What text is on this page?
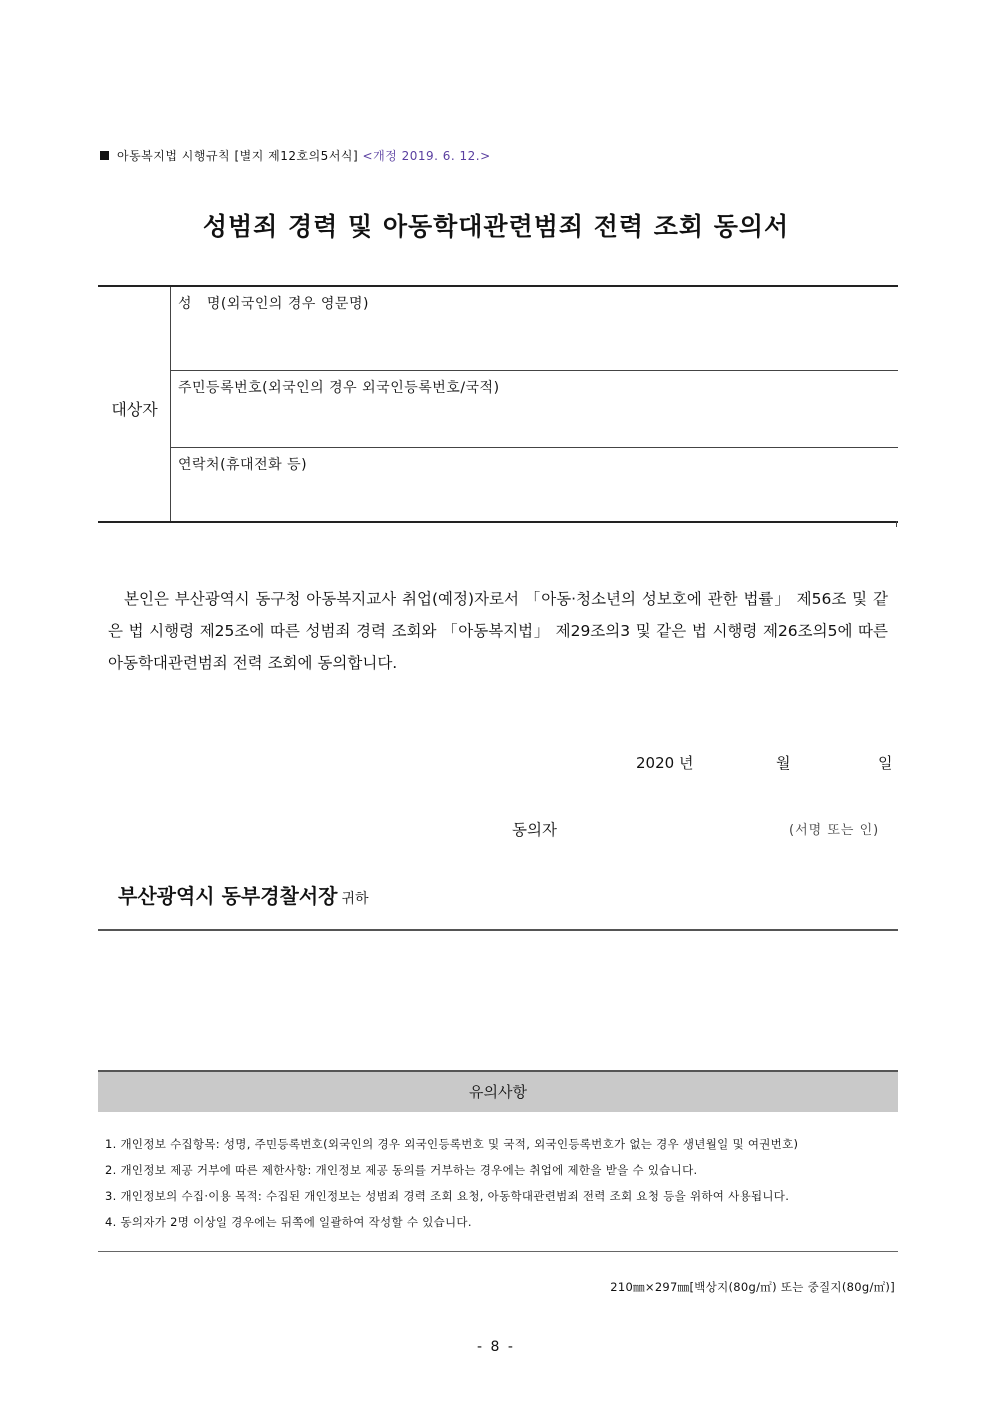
아동복지법 시행규칙 [별지 제12호의5서식] <개정 2019. 6. 12.>
성범죄 경력 및 아동학대관련범죄 전력 조회 동의서
대상자
성   명(외국인의 경우 영문명)
주민등록번호(외국인의 경우 외국인등록번호/국적)
연락처(휴대전화 등)
본인은 부산광역시 동구청 아동복지교사 취업(예정)자로서 「아동·청소년의 성보호에 관한 법률」 제56조 및 같은 법 시행령 제25조에 따른 성범죄 경력 조회와 「아동복지법」 제29조의3 및 같은 법 시행령 제26조의5에 따른 아동학대관련범죄 전력 조회에 동의합니다.
2020 년	월	일
동의자	(서명 또는 인)
부산광역시 동부경찰서장 귀하
유의사항
1. 개인정보 수집항목: 성명, 주민등록번호(외국인의 경우 외국인등록번호 및 국적, 외국인등록번호가 없는 경우 생년월일 및 여권번호)
2. 개인정보 제공 거부에 따른 제한사항: 개인정보 제공 동의를 거부하는 경우에는 취업에 제한을 받을 수 있습니다.
3. 개인정보의 수집·이용 목적: 수집된 개인정보는 성범죄 경력 조회 요청, 아동학대관련범죄 전력 조회 요청 등을 위하여 사용됩니다.
4. 동의자가 2명 이상일 경우에는 뒤쪽에 일괄하여 작성할 수 있습니다.
210㎜×297㎜[백상지(80g/㎡) 또는 중질지(80g/㎡)]
- 8 -
